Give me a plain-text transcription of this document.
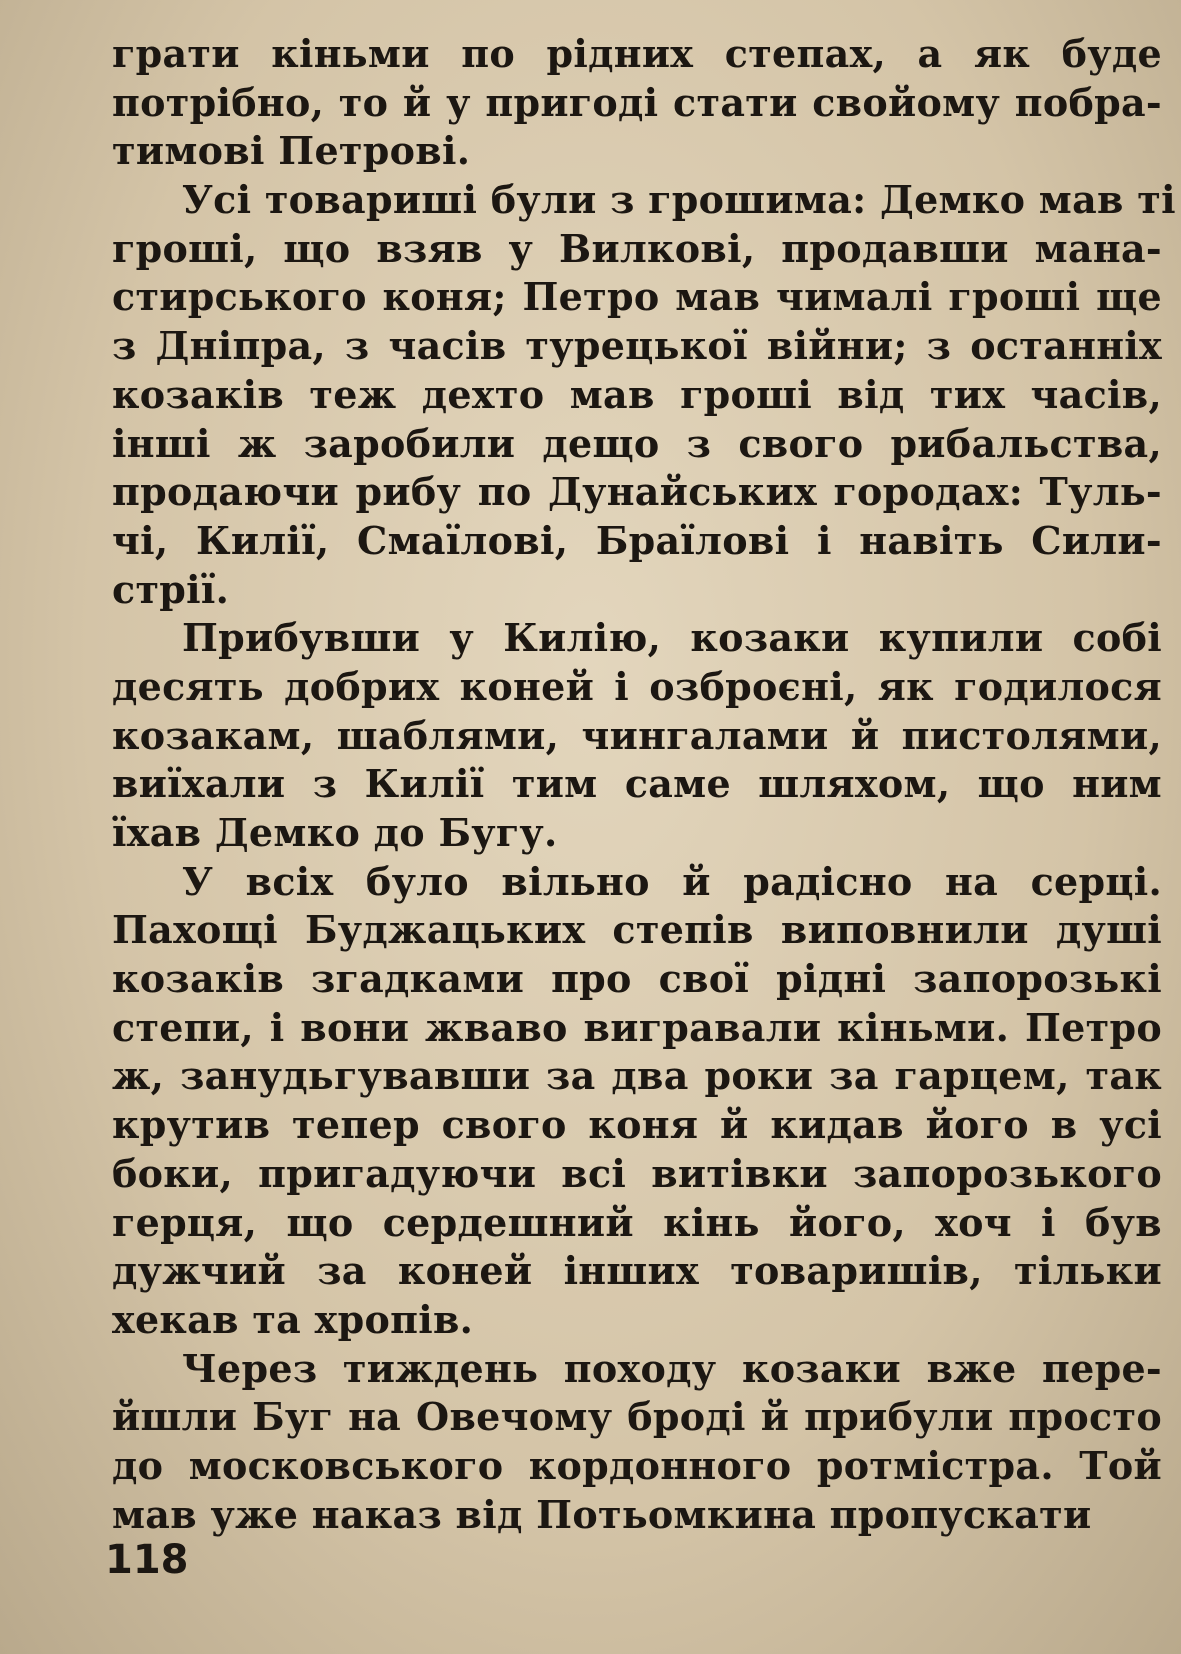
грати кіньми по рідних степах, а як буде
потрібно, то й у пригоді стати свойому побра-
тимові Петрові.
Усі товариші були з грошима: Демко мав ті
гроші, що взяв у Вилкові, продавши мана-
стирського коня; Петро мав чималі гроші ще
з Дніпра, з часів турецької війни; з останніх
козаків теж дехто мав гроші від тих часів,
інші ж заробили дещо з свого рибальства,
продаючи рибу по Дунайських городах: Туль-
чі, Килії, Смаїлові, Браїлові і навіть Сили-
стрії.
Прибувши у Килію, козаки купили собі
десять добрих коней і озброєні, як годилося
козакам, шаблями, чингалами й пистолями,
виїхали з Килії тим саме шляхом, що ним
їхав Демко до Бугу.
У всіх було вільно й радісно на серці.
Пахощі Буджацьких степів виповнили душі
козаків згадками про свої рідні запорозькі
степи, і вони жваво вигравали кіньми. Петро
ж, занудьгувавши за два роки за гарцем, так
крутив тепер свого коня й кидав його в усі
боки, пригадуючи всі витівки запорозького
герця, що сердешний кінь його, хоч і був
дужчий за коней інших товаришів, тільки
хекав та хропів.
Через тиждень походу козаки вже пере-
йшли Буг на Овечому броді й прибули просто
до московського кордонного ротмістра. Той
мав уже наказ від Потьомкина пропускати
118
